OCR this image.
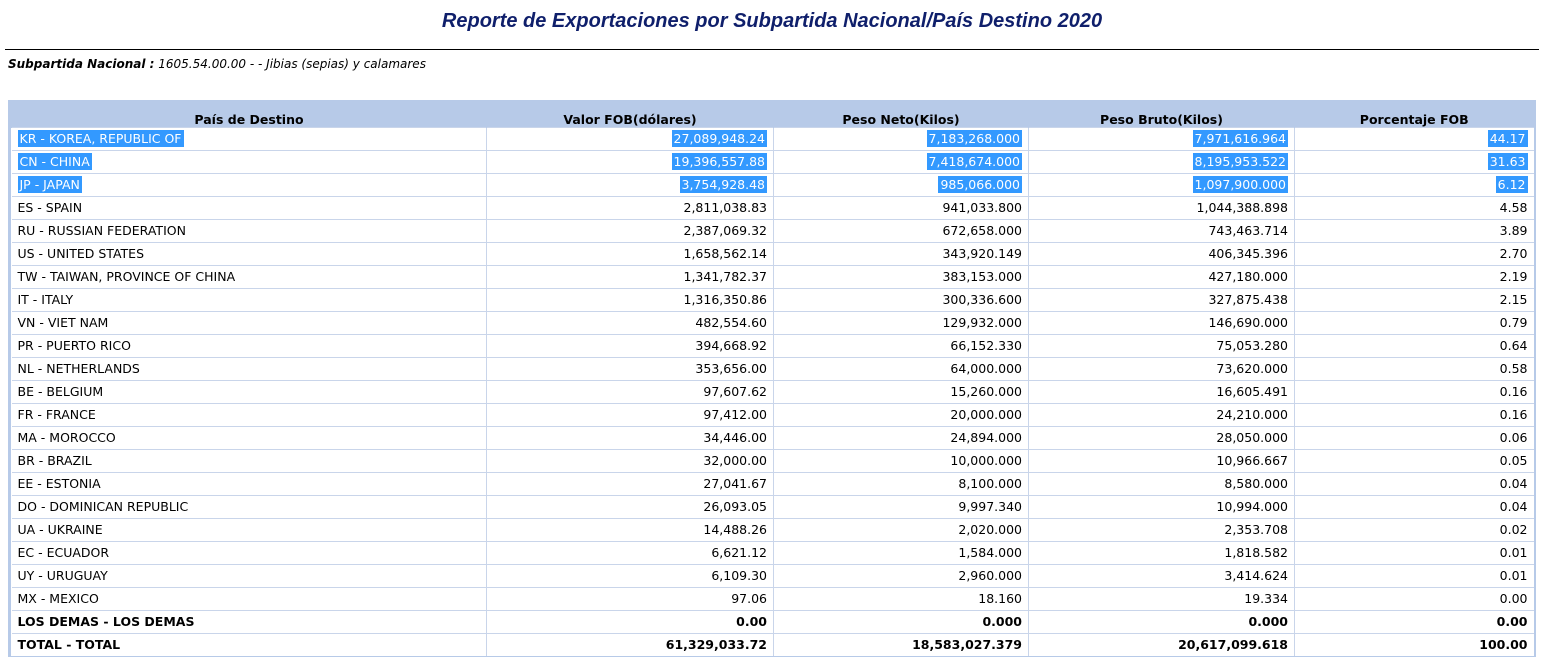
Reporte de Exportaciones por Subpartida Nacional/País Destino 2020
Subpartida Nacional : 1605.54.00.00 - - Jibias (sepias) y calamares
País de Destino	Valor FOB(dólares)	Peso Neto(Kilos)	Peso Bruto(Kilos)	Porcentaje FOB
KR - KOREA, REPUBLIC OF	27,089,948.24	7,183,268.000	7,971,616.964	44.17
CN - CHINA	19,396,557.88	7,418,674.000	8,195,953.522	31.63
JP - JAPAN	3,754,928.48	985,066.000	1,097,900.000	6.12
ES - SPAIN	2,811,038.83	941,033.800	1,044,388.898	4.58
RU - RUSSIAN FEDERATION	2,387,069.32	672,658.000	743,463.714	3.89
US - UNITED STATES	1,658,562.14	343,920.149	406,345.396	2.70
TW - TAIWAN, PROVINCE OF CHINA	1,341,782.37	383,153.000	427,180.000	2.19
IT - ITALY	1,316,350.86	300,336.600	327,875.438	2.15
VN - VIET NAM	482,554.60	129,932.000	146,690.000	0.79
PR - PUERTO RICO	394,668.92	66,152.330	75,053.280	0.64
NL - NETHERLANDS	353,656.00	64,000.000	73,620.000	0.58
BE - BELGIUM	97,607.62	15,260.000	16,605.491	0.16
FR - FRANCE	97,412.00	20,000.000	24,210.000	0.16
MA - MOROCCO	34,446.00	24,894.000	28,050.000	0.06
BR - BRAZIL	32,000.00	10,000.000	10,966.667	0.05
EE - ESTONIA	27,041.67	8,100.000	8,580.000	0.04
DO - DOMINICAN REPUBLIC	26,093.05	9,997.340	10,994.000	0.04
UA - UKRAINE	14,488.26	2,020.000	2,353.708	0.02
EC - ECUADOR	6,621.12	1,584.000	1,818.582	0.01
UY - URUGUAY	6,109.30	2,960.000	3,414.624	0.01
MX - MEXICO	97.06	18.160	19.334	0.00
LOS DEMAS - LOS DEMAS	0.00	0.000	0.000	0.00
TOTAL - TOTAL	61,329,033.72	18,583,027.379	20,617,099.618	100.00
